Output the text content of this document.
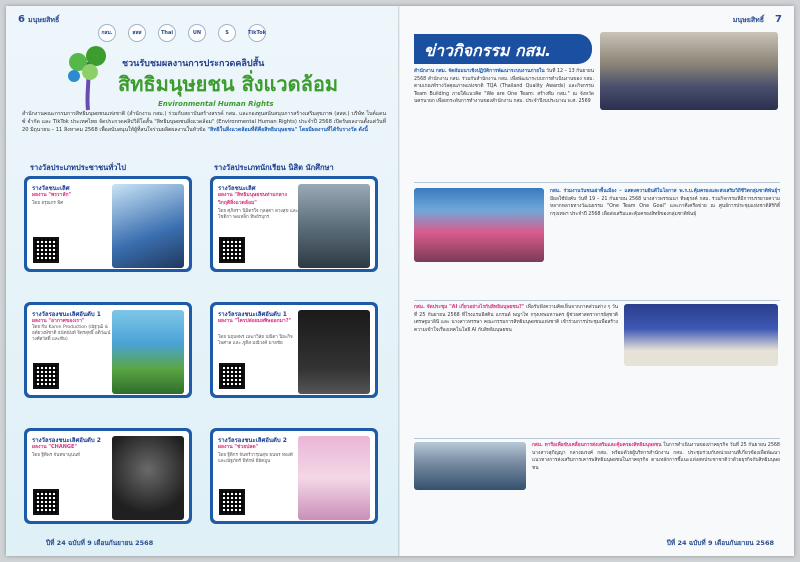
6 มนุษยสิทธิ์
กสม.	สสส	Thai	UN	S	TikTok
ชวนรับชมผลงานการประกวดคลิปสั้น
สิทธิมนุษยชน สิ่งแวดล้อม
Environmental Human Rights
สำนักงานคณะกรรมการสิทธิมนุษยชนแห่งชาติ (สำนักงาน กสม.) ร่วมกับสถาบันสร้างสรรค์ กสม. และกองทุนสนับสนุนการสร้างเสริมสุขภาพ (สสส.) บริษัท ไบต์แดนซ์ จำกัด และ TikTok ประเทศไทย จัดประกวดคลิปวิดีโอสั้น "สิทธิมนุษยชนสิ่งแวดล้อม" (Environmental Human Rights) ประจำปี 2568 เปิดรับผลงานตั้งแต่วันที่ 20 มิถุนายน – 11 สิงหาคม 2568 เพื่อสนับสนุนให้ผู้ที่สนใจร่วมผลิตผลงานในหัวข้อ "สิทธิในสิ่งแวดล้อมที่ดีคือสิทธิมนุษยชน" โดยมีผลงานที่ได้รับรางวัล ดังนี้
รางวัลประเภทประชาชนทั่วไป	รางวัลประเภทนักเรียน นิสิต นักศึกษา
รางวัลชนะเลิศ
ผลงาน "พรราลัก"
โดย อรุณกร พิศ
รางวัลชนะเลิศ
ผลงาน "สิทธิมนุษยชนท่ามกลางวิกฤติสิ่งแวดล้อม"
โดย ศุภิสรา นิมิตรใจ กุลสุดา ดวงสุข และโชติกา พลเหล็ก ทิพย์รบุกร
รางวัลรองชนะเลิศอันดับ 1
ผลงาน "อากาศของเรา"
โดย กีม Karen Production (ณัฐวุฒิ ฉ่อดัยวงษ์ชาติ ธนัตนันท์ จิตรสุทธิ์ อติวัฒน์ วงศ์สวัสดิ์ และทีม)
รางวัลรองชนะเลิศอันดับ 1
ผลงาน "ใครปล่อยมลพิษออกมา?"
โดย นฤมลพร เมฆาวิลัย ปณิดา ปิยะกิจไพศาล และ ภูดิส มณีวงค์ มาลชัย
รางวัลรองชนะเลิศอันดับ 2
ผลงาน "CHANGE"
โดย ฐิติพร จันทพานุนนท์
รางวัลรองชนะเลิศอันดับ 2
ผลงาน "ช่วยปลด"
โดย ฐิติกร จันทร์วารุณสุข ธนพร ทองดี และณัฐภัทร์ พิทักษ์ มีธัตมูน
ปีที่ 24 ฉบับที่ 9 เดือนกันยายน 2568
มนุษยสิทธิ์ 7
ข่าวกิจกรรม กสม.
สำนักงาน กสม. จัดสัมมนาเชิงปฏิบัติการพัฒนาระบบงานภายใน วันที่ 12 – 13 กันยายน 2568 สำนักงาน กสม. ร่วมกับสำนักงาน กสม. เพื่อพัฒนาระบบการดำเนินงานของ กสม. ตามเกณฑ์รางวัลคุณภาพแห่งชาติ TQA (Thailand Quality Awards) และกิจกรรม Team Building ภายใต้แนวคิด "We are One Team: สร้างทีม กสม." ณ จังหวัดนครนายก เพื่อยกระดับการทำงานของสำนักงาน กสม. ประจำปีงบประมาณ พ.ศ. 2569
กสม. ร่วมงานวันชนเผ่าพื้นเมือง – แสดงความยินดีในโอกาส พ.ร.บ.คุ้มครองและส่งเสริมวิถีชีวิตกลุ่มชาติพันธุ์ฯ มีผลใช้บังคับ วันที่ 19 – 21 กันยายน 2568 นางสาวพรรณนา ทิพยุรงค์ กสม. ร่วมกิจกรรมที่มีการบรรยายความหลากหลายทางวัฒนธรรม "One Team One Goal" และภาคีเครือข่าย ณ ศูนย์การประชุมแห่งชาติสิริกิติ์ กรุงเทพฯ ประจำปี 2568 เพื่อส่งเสริมและคุ้มครองสิทธิของกลุ่มชาติพันธุ์
กสม. จัดประชุม "AI เกี่ยวอย่างไรกับสิทธิมนุษยชน?" เพื่อรับฟังความคิดเห็นจากภาคส่วนต่าง ๆ วันที่ 25 กันยายน 2568 ที่โรงแรมอีสติน แกรนด์ พญาไท กรุงเทพมหานคร ผู้ช่วยศาสตราจารย์สุชาติ เศรษฐมาลินี และ นางสาวหรรษา คณะกรรมการสิทธิมนุษยชนแห่งชาติ เข้าร่วมการประชุมเพื่อสร้างความเข้าใจเรื่องเทคโนโลยี AI กับสิทธิมนุษยชน
กสม. หารือเพื่อขับเคลื่อนการส่งเสริมและคุ้มครองสิทธิมนุษยชน ในการดำเนินงานของภาคธุรกิจ วันที่ 25 กันยายน 2568 นางสาวสุภิญญา กลางณรงค์ กสม. พร้อมด้วยผู้บริหารสำนักงาน กสม. ประชุมร่วมกับหน่วยงานที่เกี่ยวข้องเพื่อพัฒนาแนวทางการส่งเสริมการเคารพสิทธิมนุษยชนในภาคธุรกิจ ตามหลักการชี้แนะแห่งสหประชาชาติว่าด้วยธุรกิจกับสิทธิมนุษยชน
ปีที่ 24 ฉบับที่ 9 เดือนกันยายน 2568
